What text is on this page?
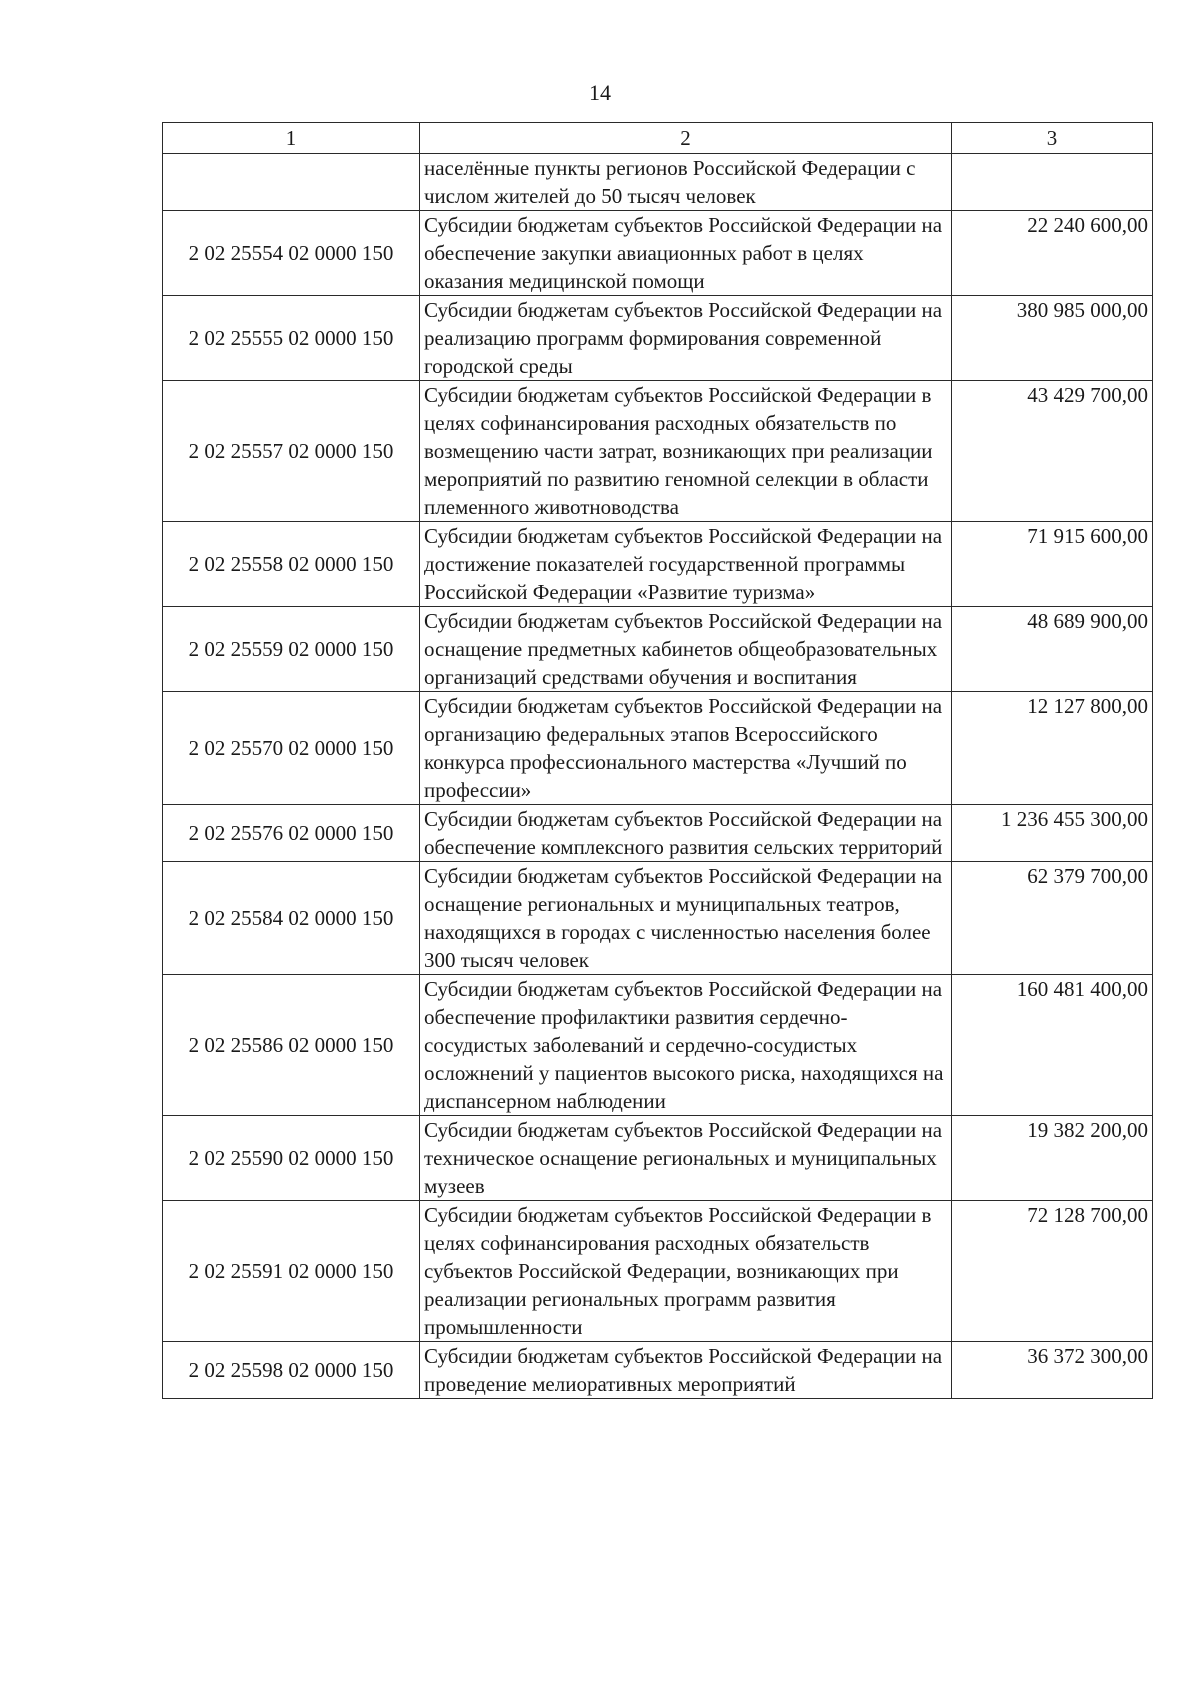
14
1	2	3
	населённые пункты регионов Российской Федерации с числом жителей до 50 тысяч человек	
2 02 25554 02 0000 150	Субсидии бюджетам субъектов Российской Федерации на обеспечение закупки авиационных работ в целях оказания медицинской помощи	22 240 600,00
2 02 25555 02 0000 150	Субсидии бюджетам субъектов Российской Федерации на реализацию программ формирования современной городской среды	380 985 000,00
2 02 25557 02 0000 150	Субсидии бюджетам субъектов Российской Федерации в целях софинансирования расходных обязательств по возмещению части затрат, возникающих при реализации мероприятий по развитию геномной селекции в области племенного животноводства	43 429 700,00
2 02 25558 02 0000 150	Субсидии бюджетам субъектов Российской Федерации на достижение показателей государственной программы Российской Федерации «Развитие туризма»	71 915 600,00
2 02 25559 02 0000 150	Субсидии бюджетам субъектов Российской Федерации на оснащение предметных кабинетов общеобразовательных организаций средствами обучения и воспитания	48 689 900,00
2 02 25570 02 0000 150	Субсидии бюджетам субъектов Российской Федерации на организацию федеральных этапов Всероссийского конкурса профессионального мастерства «Лучший по профессии»	12 127 800,00
2 02 25576 02 0000 150	Субсидии бюджетам субъектов Российской Федерации на обеспечение комплексного развития сельских территорий	1 236 455 300,00
2 02 25584 02 0000 150	Субсидии бюджетам субъектов Российской Федерации на оснащение региональных и муниципальных театров, находящихся в городах с численностью населения более 300 тысяч человек	62 379 700,00
2 02 25586 02 0000 150	Субсидии бюджетам субъектов Российской Федерации на обеспечение профилактики развития сердечно-сосудистых заболеваний и сердечно-сосудистых осложнений у пациентов высокого риска, находящихся на диспансерном наблюдении	160 481 400,00
2 02 25590 02 0000 150	Субсидии бюджетам субъектов Российской Федерации на техническое оснащение региональных и муниципальных музеев	19 382 200,00
2 02 25591 02 0000 150	Субсидии бюджетам субъектов Российской Федерации в целях софинансирования расходных обязательств субъектов Российской Федерации, возникающих при реализации региональных программ развития промышленности	72 128 700,00
2 02 25598 02 0000 150	Субсидии бюджетам субъектов Российской Федерации на проведение мелиоративных мероприятий	36 372 300,00
